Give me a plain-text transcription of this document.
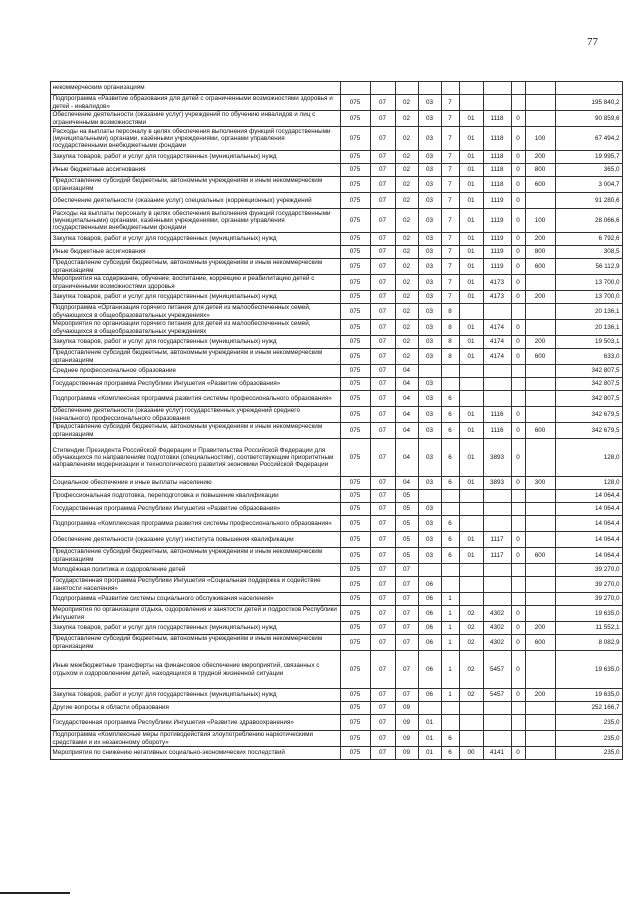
77
	некоммерческим организациям										
	Подпрограмма «Развитие образования для детей с ограниченными возможностями здоровья и детей - инвалидов»	075	07	02	03	7					195 840,2
	Обеспечение деятельности (оказание услуг) учреждений по обучению инвалидов и лиц с ограниченными возможностями	075	07	02	03	7	01	1118	0		90 859,6
	Расходы на выплаты персоналу в целях обеспечения выполнения функций государственными (муниципальными) органами, казёнными учреждениями, органами управления государственными внебюджетными фондами	075	07	02	03	7	01	1118	0	100	67 494,2
	Закупка товаров, работ и услуг для государственных (муниципальных) нужд	075	07	02	03	7	01	1118	0	200	19 995,7
	Иные бюджетные ассигнования	075	07	02	03	7	01	1118	0	800	365,0
	Предоставление субсидий бюджетным, автономным учреждениям и иным некоммерческим организациям	075	07	02	03	7	01	1118	0	600	3 004,7
	Обеспечение деятельности (оказание услуг) специальных (коррекционных) учреждений	075	07	02	03	7	01	1119	0		91 280,6
	Расходы на выплаты персоналу в целях обеспечения выполнения функций государственными (муниципальными) органами, казёнными учреждениями, органами управления государственными внебюджетными фондами	075	07	02	03	7	01	1119	0	100	28 066,6
	Закупка товаров, работ и услуг для государственных (муниципальных) нужд	075	07	02	03	7	01	1119	0	200	6 792,6
	Иные бюджетные ассигнования	075	07	02	03	7	01	1119	0	800	308,5
	Предоставление субсидий бюджетным, автономным учреждениям и иным некоммерческим организациям	075	07	02	03	7	01	1119	0	600	56 112,9
	Мероприятия на содержание, обучение, воспитание, коррекцию и реабилитацию детей с ограниченными возможностями здоровья	075	07	02	03	7	01	4173	0		13 700,0
	Закупка товаров, работ и услуг для государственных (муниципальных) нужд	075	07	02	03	7	01	4173	0	200	13 700,0
	Подпрограмма «Организация горячего питания для детей из малообеспеченных семей, обучающихся в общеобразовательных учреждениях»	075	07	02	03	8					20 136,1
	Мероприятия по организации горячего питания для детей из малообеспеченных семей, обучающихся в общеобразовательных учреждениях	075	07	02	03	8	01	4174	0		20 136,1
	Закупка товаров, работ и услуг для государственных (муниципальных) нужд	075	07	02	03	8	01	4174	0	200	19 503,1
	Предоставление субсидий бюджетным, автономным учреждениям и иным некоммерческим организациям	075	07	02	03	8	01	4174	0	600	633,0
	Среднее профессиональное образование	075	07	04							342 807,5
	Государственная программа Республики Ингушетия «Развитие образования»	075	07	04	03						342 807,5
	Подпрограмма «Комплексная программа развития системы профессионального образования»	075	07	04	03	6					342 807,5
	Обеспечение деятельности (оказание услуг) государственных учреждений среднего (начального) профессионального образования	075	07	04	03	6	01	1116	0		342 679,5
	Предоставление субсидий бюджетным, автономным учреждениям и иным некоммерческим организациям	075	07	04	03	6	01	1116	0	600	342 679,5
	Стипендии Президента Российской Федерации и Правительства Российской Федерации для обучающихся по направлениям подготовки (специальностям), соответствующим приоритетным направлениям модернизации и технологического развития экономики Российской Федерации	075	07	04	03	6	01	3893	0		128,0
	Социальное обеспечение и иные выплаты населению	075	07	04	03	6	01	3893	0	300	128,0
	Профессиональная подготовка, переподготовка и повышение квалификации	075	07	05							14 064,4
	Государственная программа Республики Ингушетия «Развитие образования»	075	07	05	03						14 064,4
	Подпрограмма «Комплексная программа развития системы профессионального образования»	075	07	05	03	6					14 064,4
	Обеспечение деятельности (оказание услуг) института повышения квалификации	075	07	05	03	6	01	1117	0		14 064,4
	Предоставление субсидий бюджетным, автономным учреждениям и иным некоммерческим организациям	075	07	05	03	6	01	1117	0	600	14 064,4
	Молодёжная политика и оздоровление детей	075	07	07							39 270,0
	Государственная программа Республики Ингушетия «Социальная поддержка и содействие занятости населения»	075	07	07	06						39 270,0
	Подпрограмма «Развитие системы социального обслуживания населения»	075	07	07	06	1					39 270,0
	Мероприятия по организации отдыха, оздоровления и занятости детей и подростков Республики Ингушетия	075	07	07	06	1	02	4302	0		19 635,0
	Закупка товаров, работ и услуг для государственных (муниципальных) нужд	075	07	07	06	1	02	4302	0	200	11 552,1
	Предоставление субсидий бюджетным, автономным учреждениям и иным некоммерческим организациям	075	07	07	06	1	02	4302	0	600	8 082,9
	Иные межбюджетные трансферты на финансовое обеспечение мероприятий, связанных с отдыхом и оздоровлением детей, находящихся в трудной жизненной ситуации	075	07	07	06	1	02	5457	0		19 635,0
	Закупка товаров, работ и услуг для государственных (муниципальных) нужд	075	07	07	06	1	02	5457	0	200	19 635,0
	Другие вопросы в области образования	075	07	09							252 166,7
	Государственная программа Республики Ингушетия «Развитие здравоохранения»	075	07	09	01						235,0
	Подпрограмма «Комплексные меры противодействия злоупотреблению наркотическими средствами и их незаконному обороту»	075	07	09	01	6					235,0
	Мероприятия по снижению негативных социально-экономических последствий	075	07	09	01	6	00	4141	0		235,0
